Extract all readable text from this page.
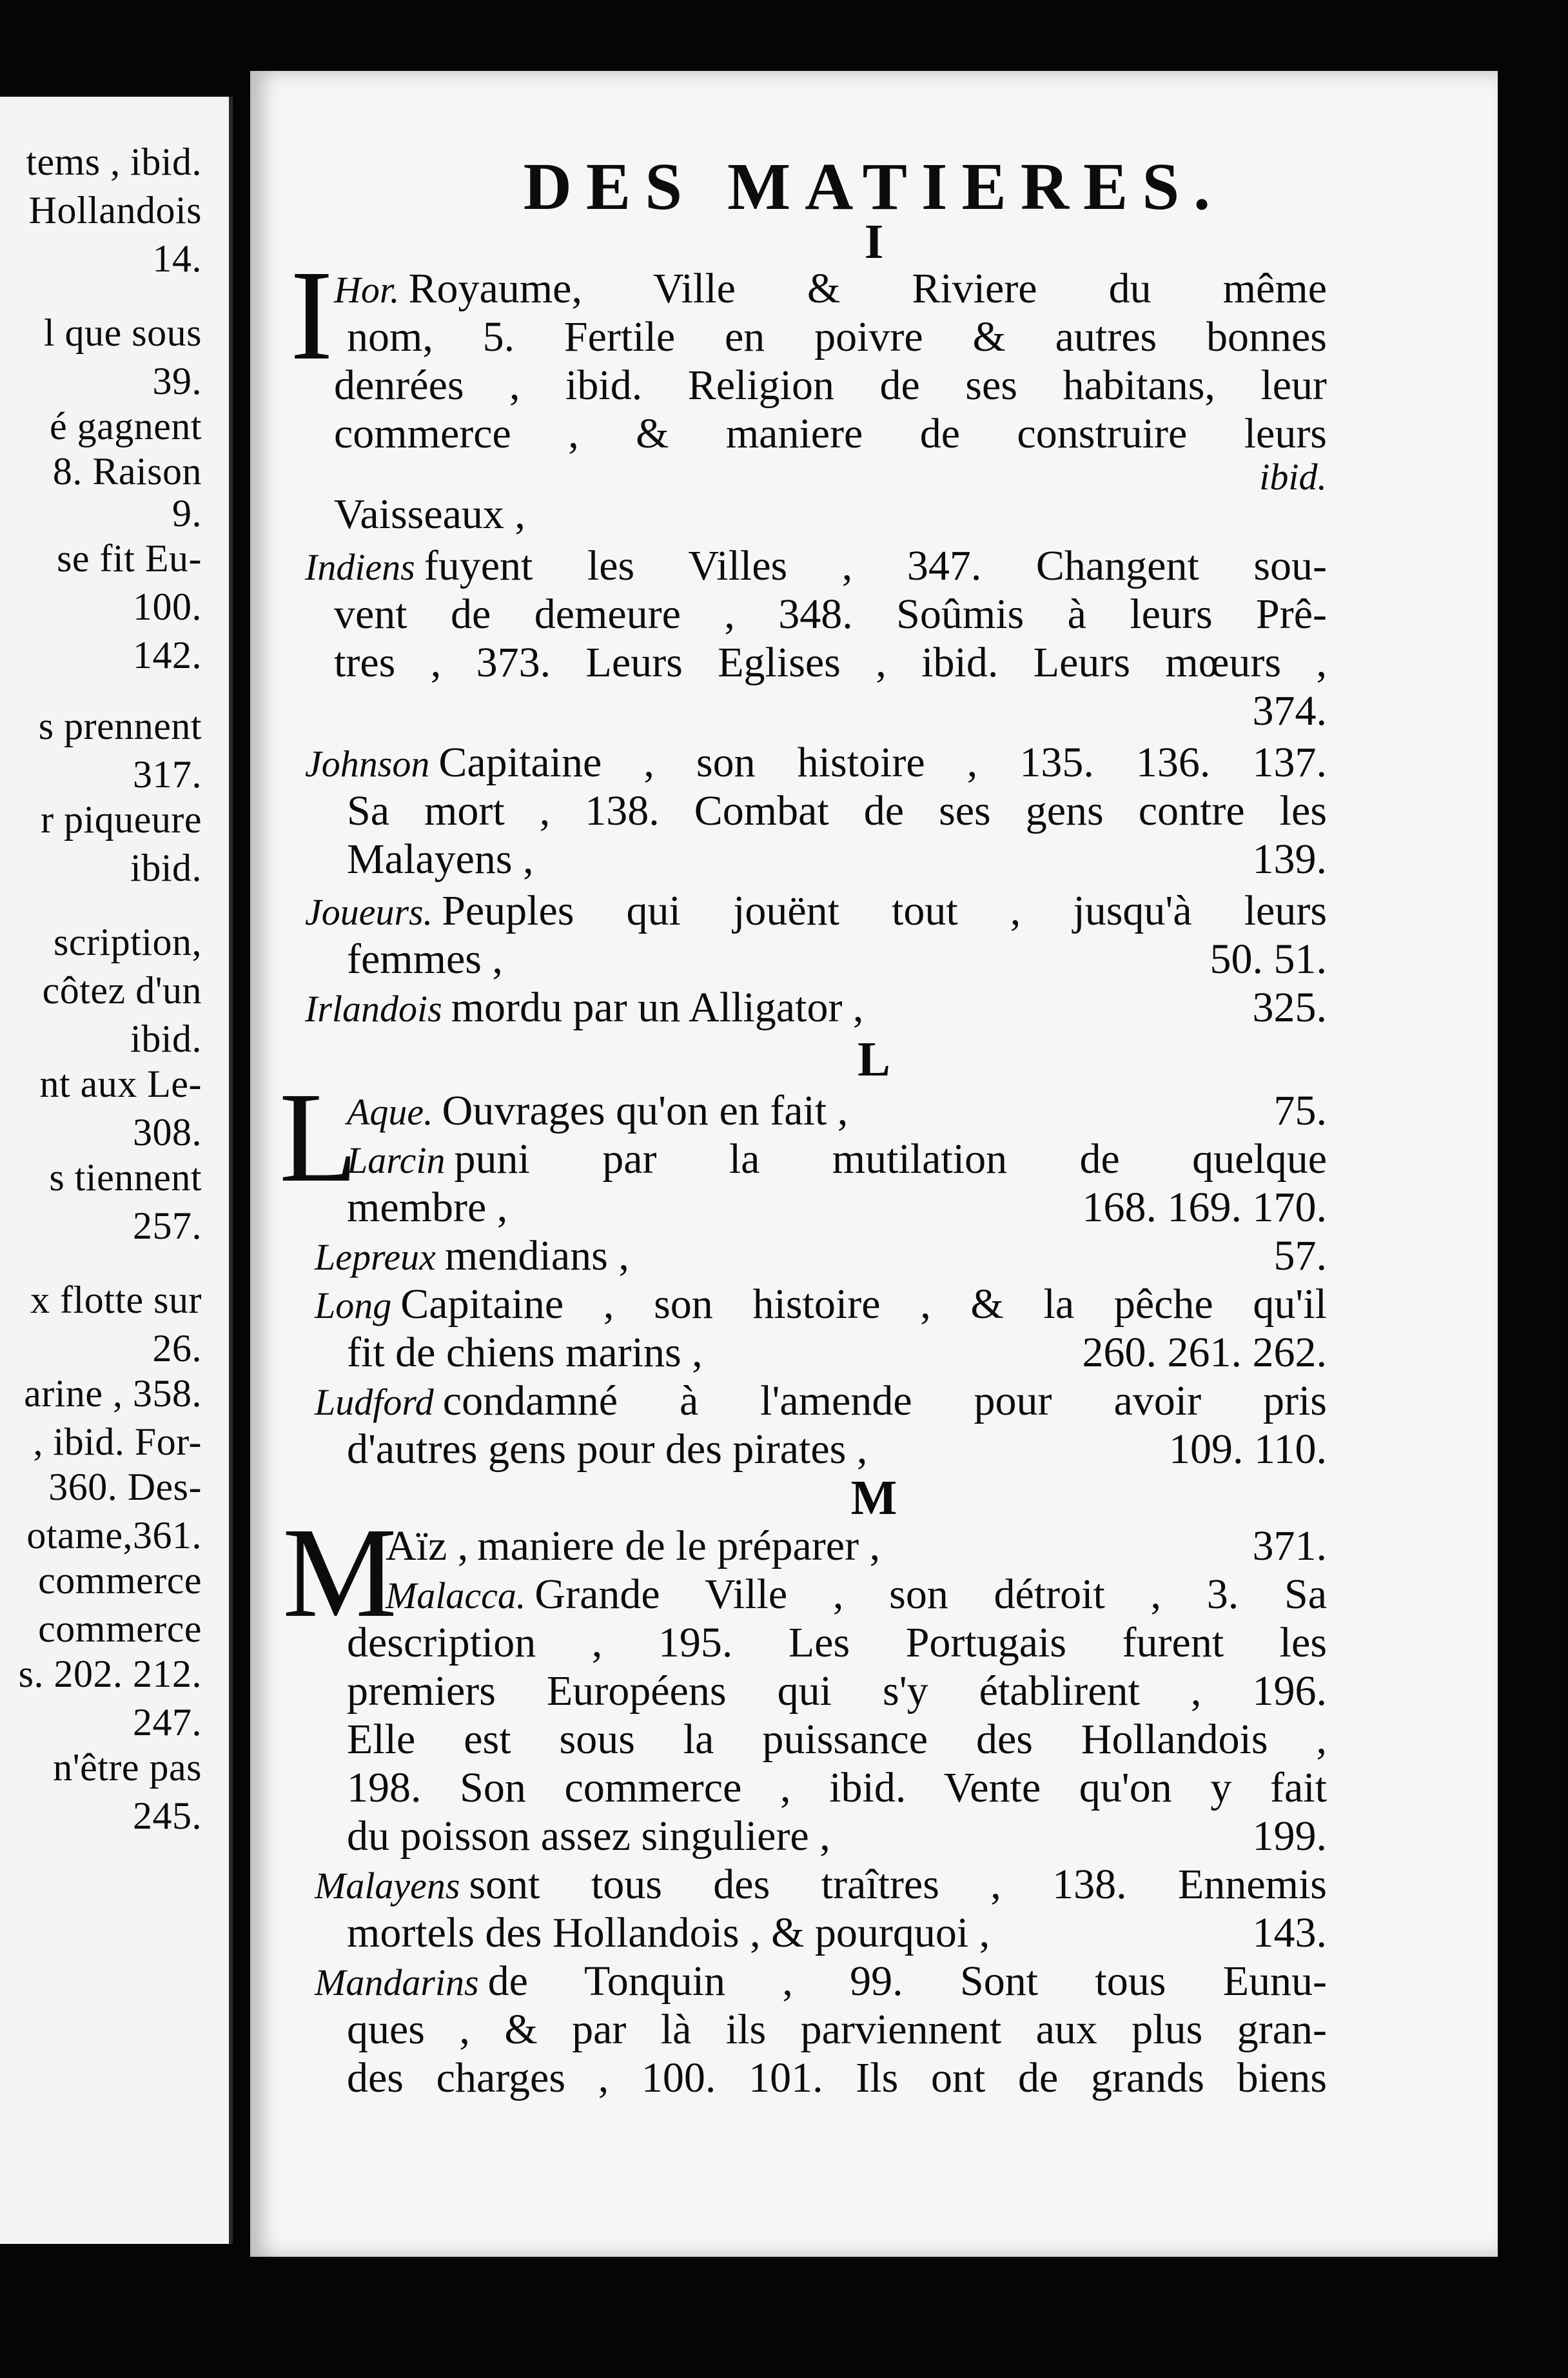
tems , ibid.
Hollandois
14.
l que sous
39.
é gagnent
8. Raison
9.
se fit Eu-
100.
142.
s prennent
317.
r piqueure
ibid.
scription,
côtez d'un
ibid.
nt aux Le-
308.
s tiennent
257.
x flotte sur
26.
arine , 358.
, ibid. For-
360. Des-
otame,361.
commerce
commerce
s. 202. 212.
247.
n'être pas
245.
DES MATIERES.
I
I Hor. Royaume, Ville & Riviere du même
nom, 5. Fertile en poivre & autres bonnes
denrées , ibid. Religion de ses habitans, leur
commerce , & maniere de construire leurs
ibid.
Vaisseaux ,
Indiens fuyent les Villes , 347. Changent sou-
vent de demeure , 348. Soûmis à leurs Prê-
tres , 373. Leurs Eglises , ibid. Leurs mœurs ,
374.
Johnson Capitaine , son histoire , 135. 136. 137.
Sa mort , 138. Combat de ses gens contre les
Malayens ,	139.
Joueurs. Peuples qui jouënt tout , jusqu'à leurs
femmes ,	50. 51.
Irlandois mordu par un Alligator ,	325.
L
L
Aque. Ouvrages qu'on en fait ,	75.
Larcin puni par la mutilation de quelque
membre ,	168. 169. 170.
Lepreux mendians ,	57.
Long Capitaine , son histoire , & la pêche qu'il
fit de chiens marins ,	260. 261. 262.
Ludford condamné à l'amende pour avoir pris
d'autres gens pour des pirates ,	109. 110.
M
M
Aïz , maniere de le préparer ,	371.
Malacca. Grande Ville , son détroit , 3. Sa
description , 195. Les Portugais furent les
premiers Européens qui s'y établirent , 196.
Elle est sous la puissance des Hollandois ,
198. Son commerce , ibid. Vente qu'on y fait
du poisson assez singuliere ,	199.
Malayens sont tous des traîtres , 138. Ennemis
mortels des Hollandois , & pourquoi ,	143.
Mandarins de Tonquin , 99. Sont tous Eunu-
ques , & par là ils parviennent aux plus gran-
des charges , 100. 101. Ils ont de grands biens
